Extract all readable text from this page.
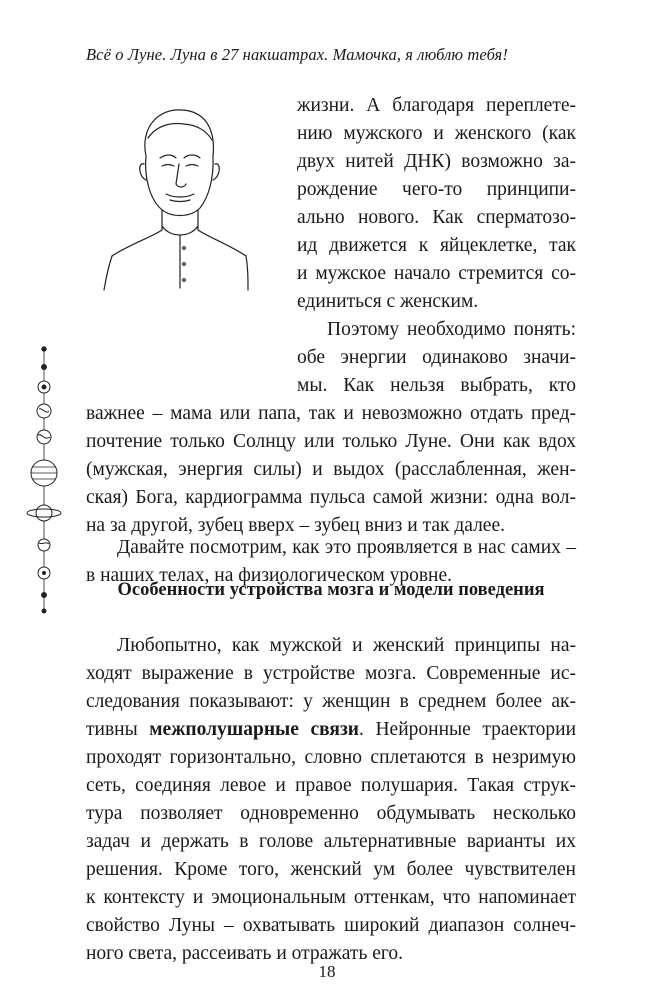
Всё о Луне. Луна в 27 накшатрах. Мамочка, я люблю тебя!
жизни. А благодаря переплете-
нию мужского и женского (как
двух нитей ДНК) возможно за-
рождение чего-то принципи-
ально нового. Как сперматозо-
ид движется к яйцеклетке, так
и мужское начало стремится со-
единиться с женским.
Поэтому необходимо понять:
обе энергии одинаково значи-
мы. Как нельзя выбрать, кто
важнее – мама или папа, так и невозможно отдать пред-
почтение только Солнцу или только Луне. Они как вдох
(мужская, энергия силы) и выдох (расслабленная, жен-
ская) Бога, кардиограмма пульса самой жизни: одна вол-
на за другой, зубец вверх – зубец вниз и так далее.
Давайте посмотрим, как это проявляется в нас самих –
в наших телах, на физиологическом уровне.
Особенности устройства мозга и модели поведения
Любопытно, как мужской и женский принципы на-
ходят выражение в устройстве мозга. Современные ис-
следования показывают: у женщин в среднем более ак-
тивны межполушарные связи. Нейронные траектории
проходят горизонтально, словно сплетаются в незримую
сеть, соединяя левое и правое полушария. Такая струк-
тура позволяет одновременно обдумывать несколько
задач и держать в голове альтернативные варианты их
решения. Кроме того, женский ум более чувствителен
к контексту и эмоциональным оттенкам, что напоминает
свойство Луны – охватывать широкий диапазон солнеч-
ного света, рассеивать и отражать его.
18
